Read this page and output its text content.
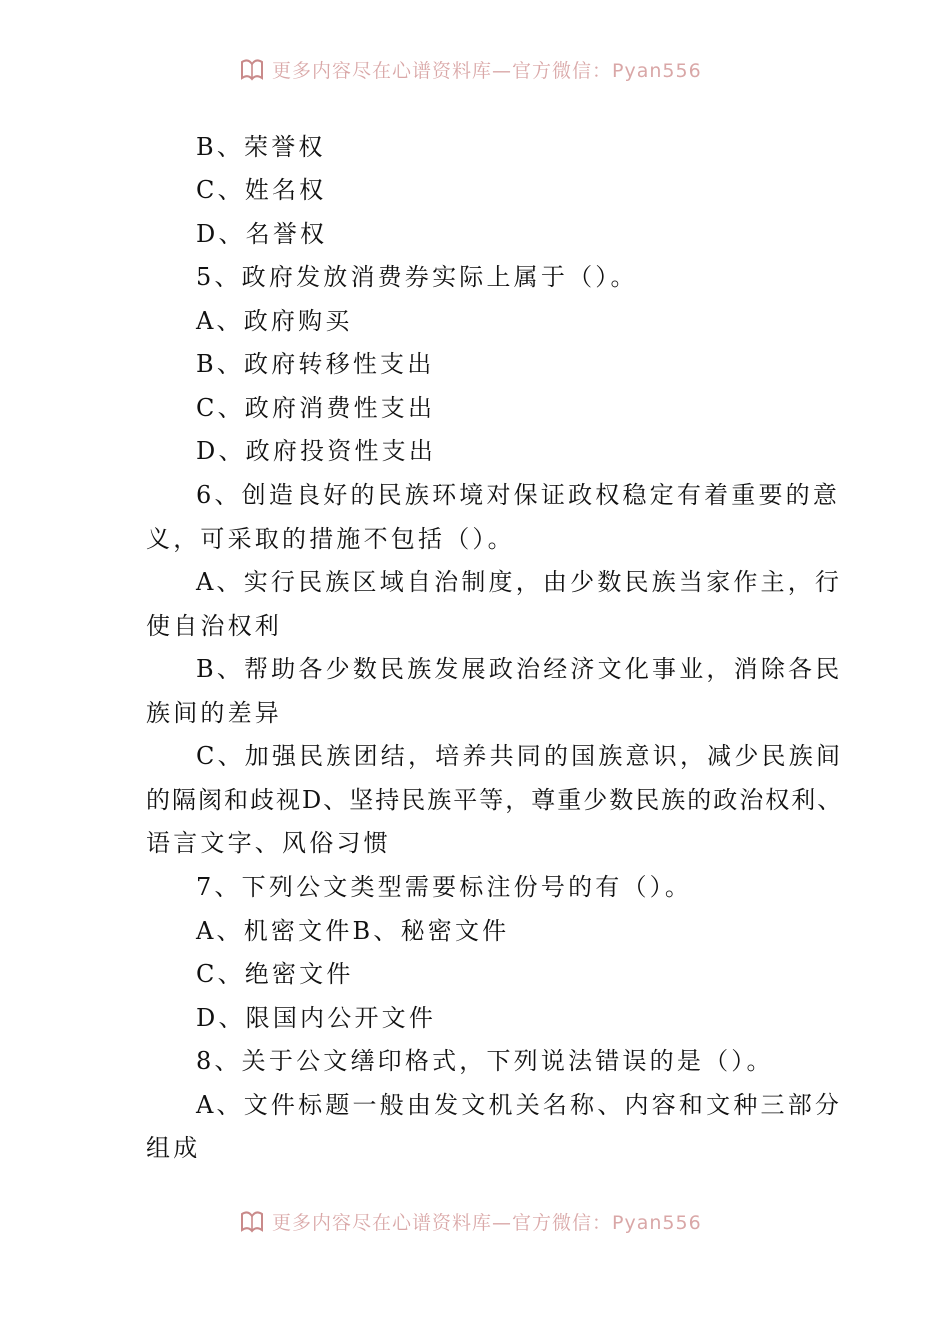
更多内容尽在心谱资料库—官方微信：Pyan556
B、荣誉权
C、姓名权
D、名誉权
5、政府发放消费券实际上属于（）。
A、政府购买
B、政府转移性支出
C、政府消费性支出
D、政府投资性支出
6、创造良好的民族环境对保证政权稳定有着重要的意
义，可采取的措施不包括（）。
A、实行民族区域自治制度，由少数民族当家作主，行
使自治权利
B、帮助各少数民族发展政治经济文化事业，消除各民
族间的差异
C、加强民族团结，培养共同的国族意识，减少民族间
的隔阂和歧视D、坚持民族平等，尊重少数民族的政治权利、
语言文字、风俗习惯
7、下列公文类型需要标注份号的有（）。
A、机密文件B、秘密文件
C、绝密文件
D、限国内公开文件
8、关于公文缮印格式，下列说法错误的是（）。
A、文件标题一般由发文机关名称、内容和文种三部分
组成
更多内容尽在心谱资料库—官方微信：Pyan556
